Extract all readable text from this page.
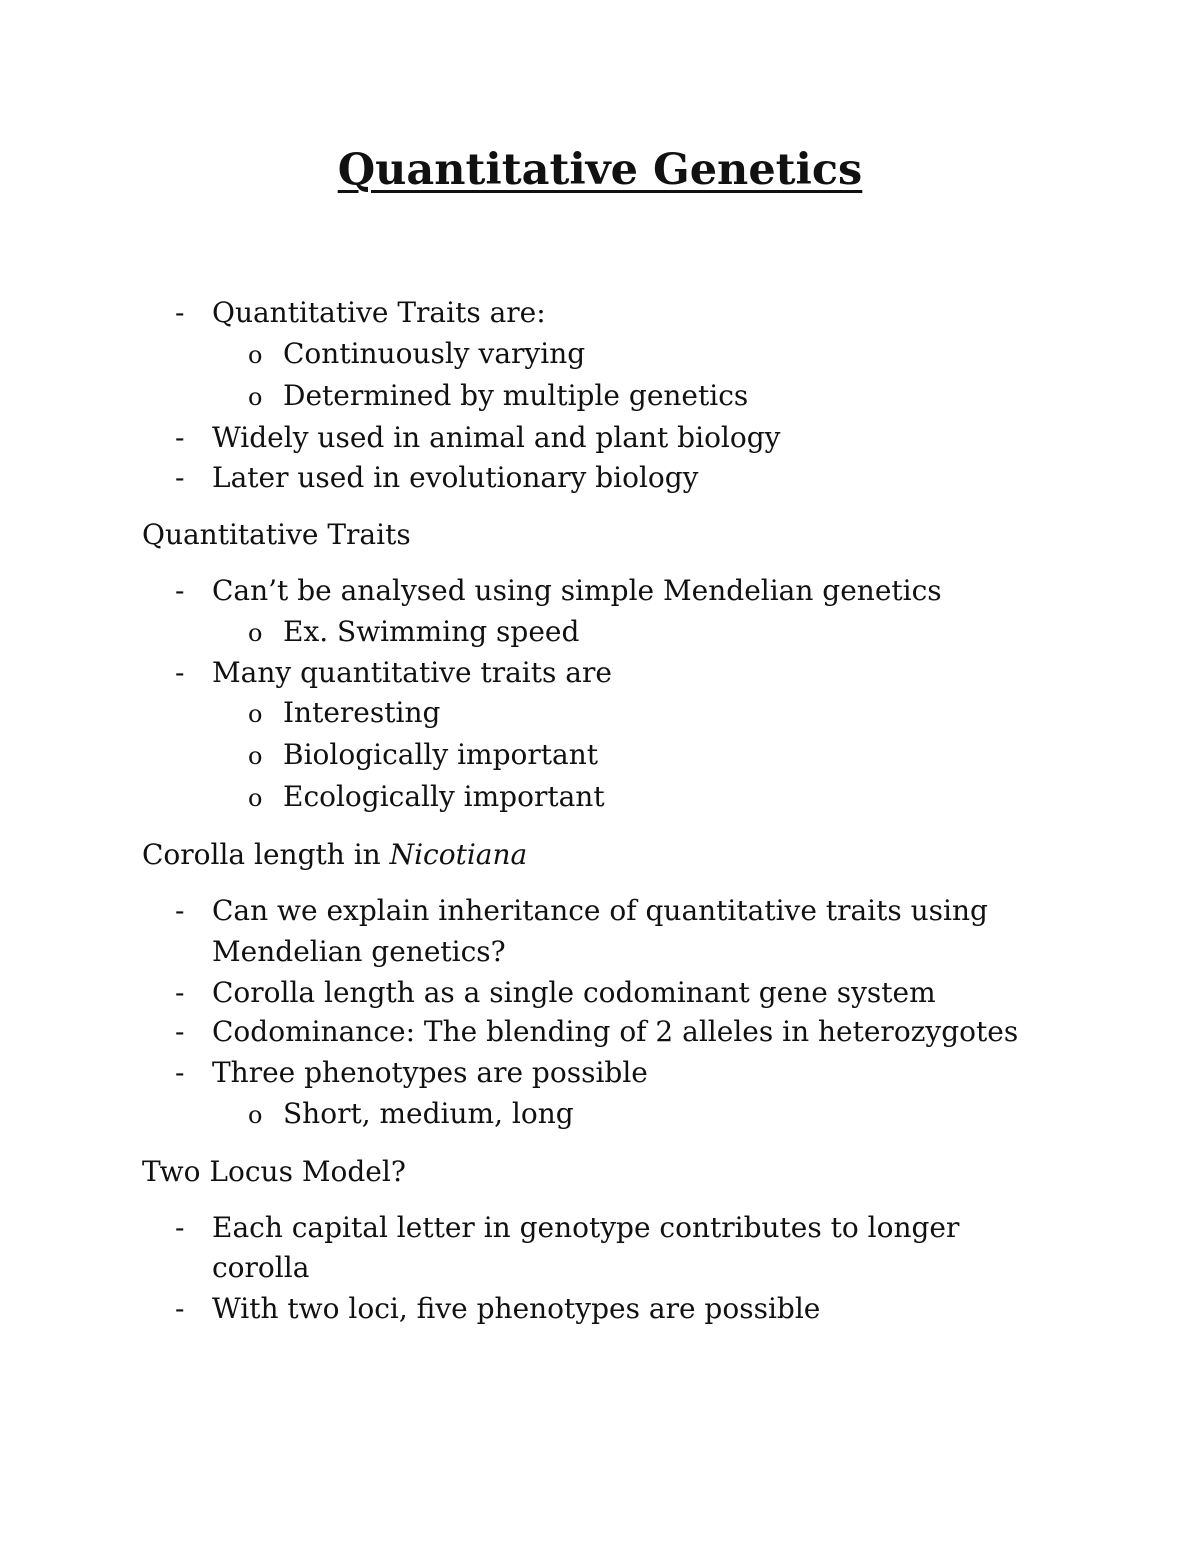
Quantitative Genetics
- Quantitative Traits are:

o Continuously varying

o Determined by multiple genetics

- Widely used in animal and plant biology

- Later used in evolutionary biology

Quantitative Traits

- Can’t be analysed using simple Mendelian genetics

o Ex. Swimming speed

- Many quantitative traits are

o Interesting

o Biologically important

o Ecologically important

Corolla length in Nicotiana

- Can we explain inheritance of quantitative traits using

Mendelian genetics?

- Corolla length as a single codominant gene system

- Codominance: The blending of 2 alleles in heterozygotes

- Three phenotypes are possible

o Short, medium, long

Two Locus Model?

- Each capital letter in genotype contributes to longer

corolla

- With two loci, five phenotypes are possible
